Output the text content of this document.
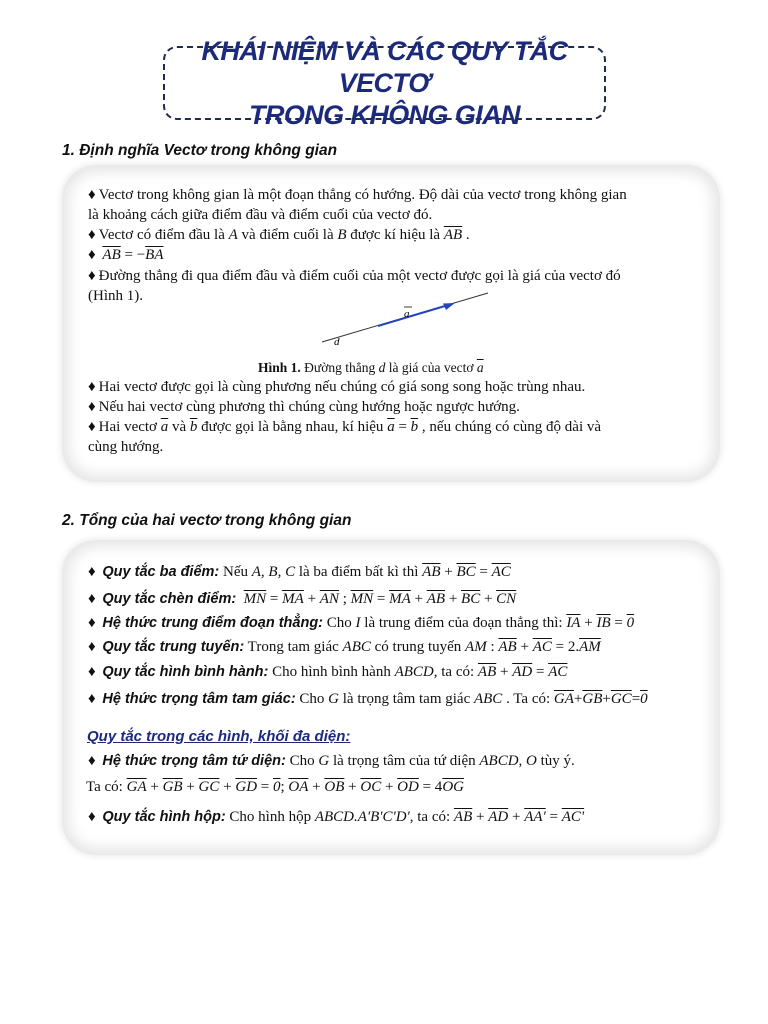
KHÁI NIỆM VÀ CÁC QUY TẮC VECTƠ
TRONG KHÔNG GIAN
1. Định nghĩa Vectơ trong không gian
♦ Vectơ trong không gian là một đoạn thẳng có hướng. Độ dài của vectơ trong không gian
là khoảng cách giữa điểm đầu và điểm cuối của vectơ đó.
♦ Vectơ có điểm đầu là A và điểm cuối là B được kí hiệu là $\overline{AB}$ .
♦ $\overline{AB} = -\overline{BA}$
♦ Đường thẳng đi qua điểm đầu và điểm cuối của một vectơ được gọi là giá của vectơ đó
(Hình 1).
d
a
Hình 1. Đường thẳng d là giá của vectơ $\overline{a}$
♦ Hai vectơ được gọi là cùng phương nếu chúng có giá song song hoặc trùng nhau.
♦ Nếu hai vectơ cùng phương thì chúng cùng hướng hoặc ngược hướng.
♦ Hai vectơ $\overline{a}$ và $\overline{b}$ được gọi là bằng nhau, kí hiệu $\overline{a} = \overline{b}$ , nếu chúng có cùng độ dài và
cùng hướng.
2. Tổng của hai vectơ trong không gian
♦ Quy tắc ba điểm: Nếu A, B, C là ba điểm bất kì thì $\overline{AB} + \overline{BC} = \overline{AC}$
♦ Quy tắc chèn điểm: $\overline{MN} = \overline{MA} + \overline{AN}$ ; $\overline{MN} = \overline{MA} + \overline{AB} + \overline{BC} + \overline{CN}$
♦ Hệ thức trung điểm đoạn thẳng: Cho I là trung điểm của đoạn thẳng thì: $\overline{IA} + \overline{IB} = 0$
♦ Quy tắc trung tuyến: Trong tam giác ABC có trung tuyến AM : $\overline{AB} + \overline{AC} = 2.\overline{AM}$
♦ Quy tắc hình bình hành: Cho hình bình hành ABCD, ta có: $\overline{AB} + \overline{AD} = \overline{AC}$
♦ Hệ thức trọng tâm tam giác: Cho G là trọng tâm tam giác ABC . Ta có: $\overline{GA}+\overline{GB}+\overline{GC}=0$
Quy tắc trong các hình, khối đa diện:
♦ Hệ thức trọng tâm tứ diện: Cho G là trọng tâm của tứ diện ABCD, O tùy ý.
Ta có: $\overline{GA} + \overline{GB} + \overline{GC} + \overline{GD} = 0$; $\overline{OA} + \overline{OB} + \overline{OC} + \overline{OD} = 4\overline{OG}$
♦ Quy tắc hình hộp: Cho hình hộp ABCD.A'B'C'D', ta có: $\overline{AB} + \overline{AD} + AA' = AC'$
